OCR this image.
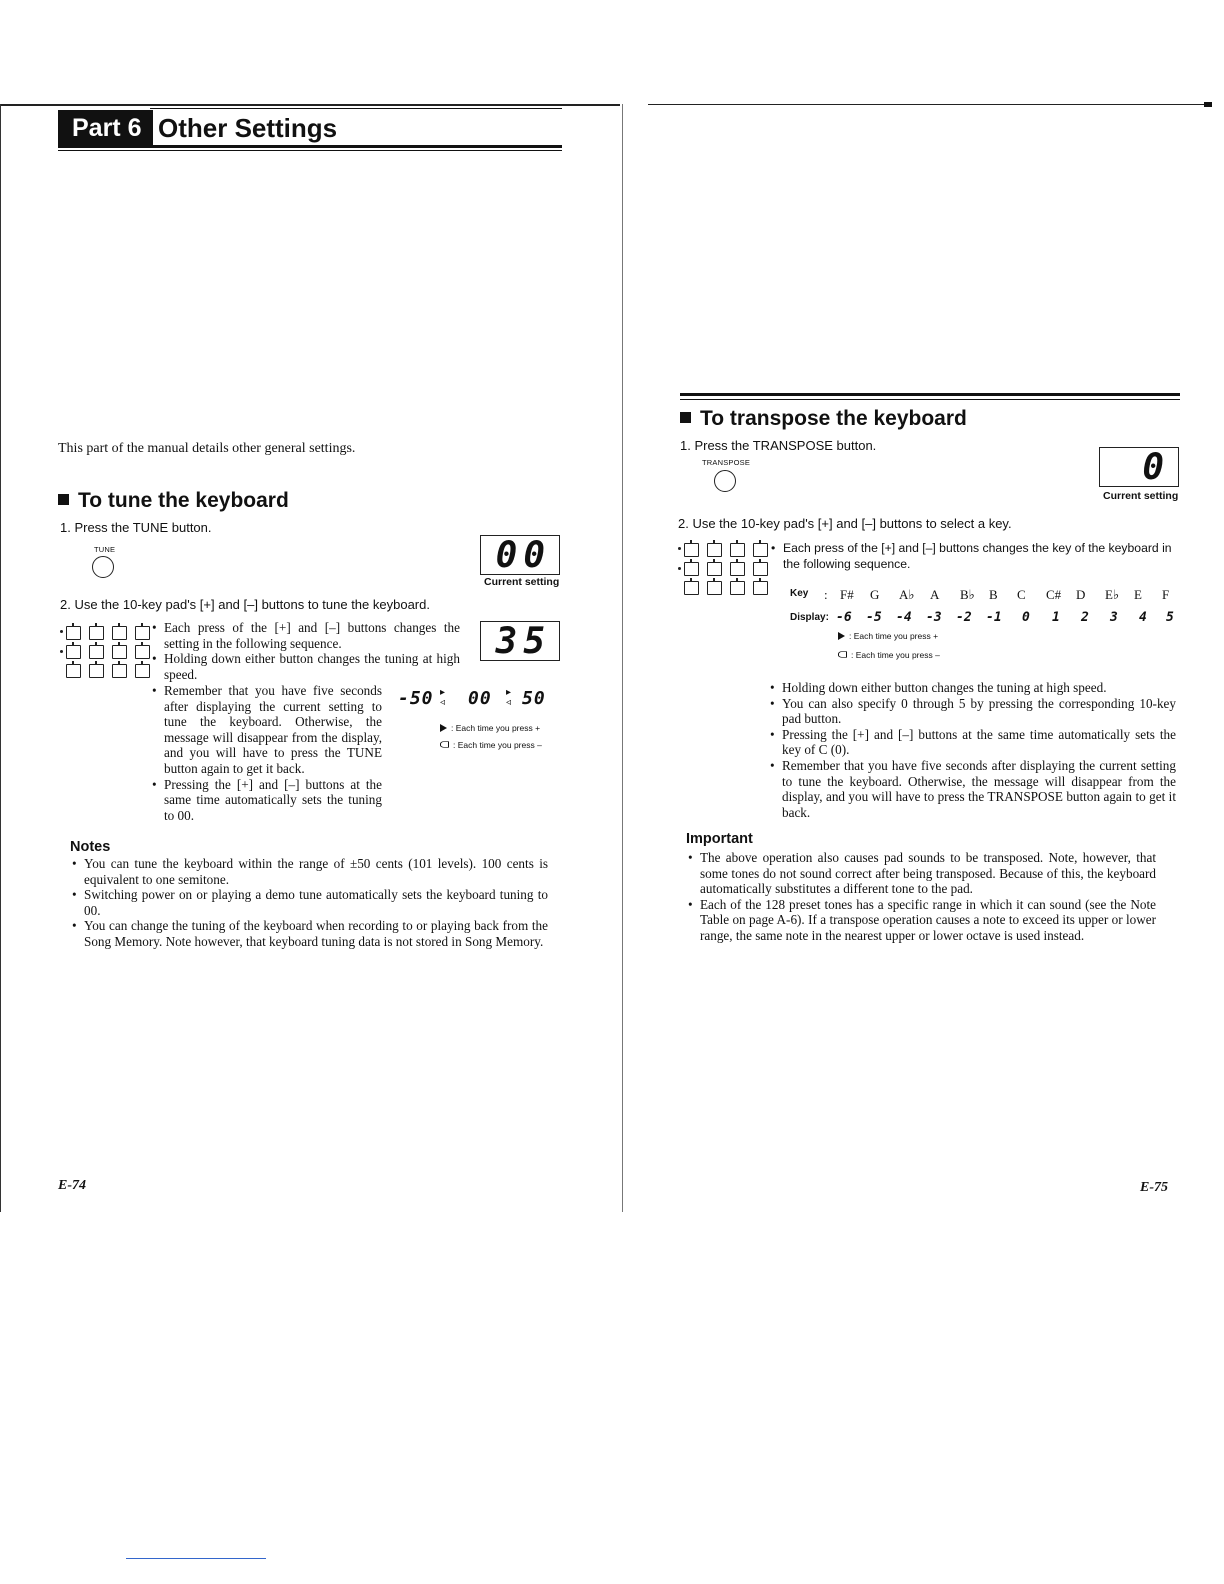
Part 6 Other Settings
This part of the manual details other general settings.
To tune the keyboard
1. Press the TUNE button.
TUNE	00
Current setting
2. Use the 10-key pad's [+] and [–] buttons to tune the keyboard.
• Each press of the [+] and [–] buttons changes the setting in the following sequence.
• Holding down either button changes the tuning at high speed.
35
• Remember that you have five seconds after displaying the current setting to tune the keyboard. Otherwise, the message will disappear from the display, and you will have to press the TUNE button again to get it back.
• Pressing the [+] and [–] buttons at the same time automatically sets the tuning to 00.
-50 ▸
◃ 00 ▸
◃ 50
: Each time you press +
: Each time you press –
Notes
• You can tune the keyboard within the range of ±50 cents (101 levels). 100 cents is equivalent to one semitone.
• Switching power on or playing a demo tune automatically sets the keyboard tuning to 00.
• You can change the tuning of the keyboard when recording to or playing back from the Song Memory. Note however, that keyboard tuning data is not stored in Song Memory.
E-74
To transpose the keyboard
1. Press the TRANSPOSE button.
TRANSPOSE	0
Current setting
2. Use the 10-key pad's [+] and [–] buttons to select a key.
• Each press of the [+] and [–] buttons changes the key of the keyboard in the following sequence.
Key : F# G A♭ A B♭ B C C# D E♭ E F
Display: -6 -5 -4 -3 -2 -1 0 1 2 3 4 5
: Each time you press +
: Each time you press –
• Holding down either button changes the tuning at high speed.
• You can also specify 0 through 5 by pressing the corresponding 10-key pad button.
• Pressing the [+] and [–] buttons at the same time automatically sets the key of C (0).
• Remember that you have five seconds after displaying the current setting to tune the keyboard. Otherwise, the message will disappear from the display, and you will have to press the TRANSPOSE button again to get it back.
Important
• The above operation also causes pad sounds to be transposed. Note, however, that some tones do not sound correct after being transposed. Because of this, the keyboard automatically substitutes a different tone to the pad.
• Each of the 128 preset tones has a specific range in which it can sound (see the Note Table on page A-6). If a transpose operation causes a note to exceed its upper or lower range, the same note in the nearest upper or lower octave is used instead.
E-75
